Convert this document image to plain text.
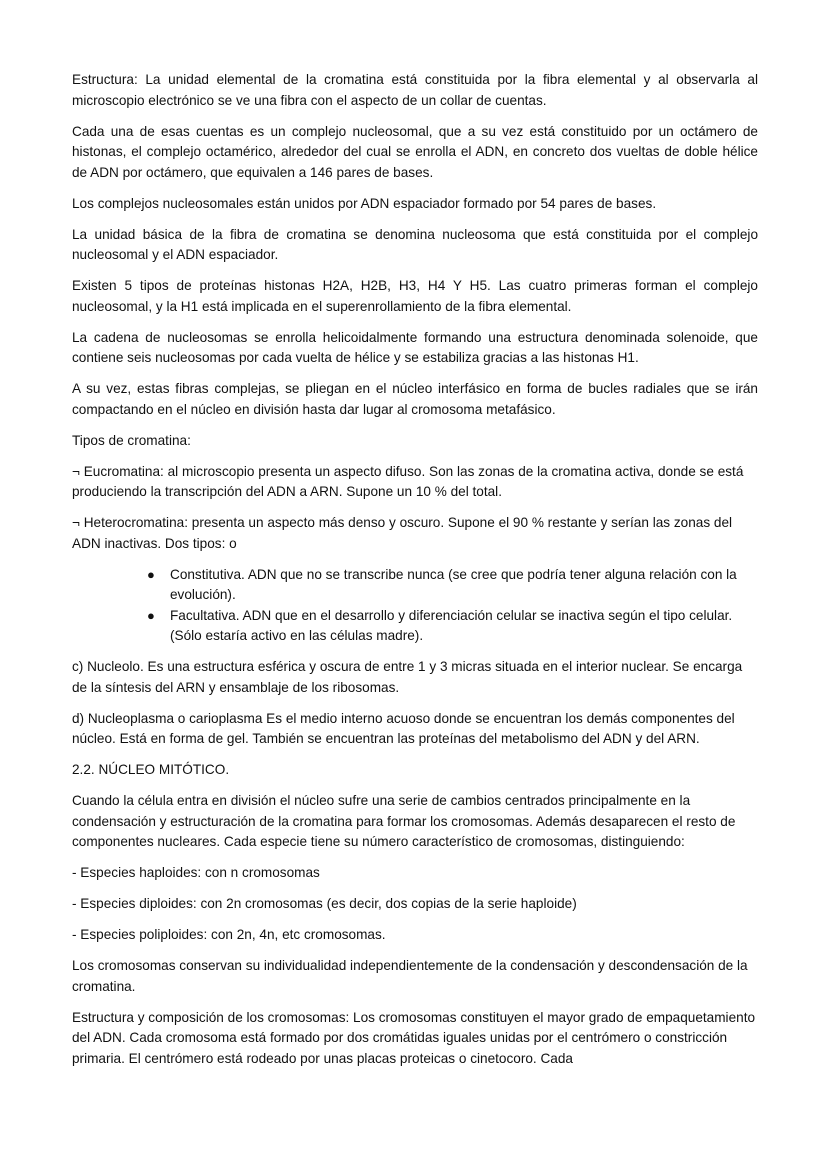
Estructura: La unidad elemental de la cromatina está constituida por la fibra elemental y al observarla al microscopio electrónico se ve una fibra con el aspecto de un collar de cuentas.

Cada una de esas cuentas es un complejo nucleosomal, que a su vez está constituido por un octámero de histonas, el complejo octamérico, alrededor del cual se enrolla el ADN, en concreto dos vueltas de doble hélice de ADN por octámero, que equivalen a 146 pares de bases.

Los complejos nucleosomales están unidos por ADN espaciador formado por 54 pares de bases.

La unidad básica de la fibra de cromatina se denomina nucleosoma que está constituida por el complejo nucleosomal y el ADN espaciador.

Existen 5 tipos de proteínas histonas H2A, H2B, H3, H4 Y H5. Las cuatro primeras forman el complejo nucleosomal, y la H1 está implicada en el superenrollamiento de la fibra elemental.

La cadena de nucleosomas se enrolla helicoidalmente formando una estructura denominada solenoide, que contiene seis nucleosomas por cada vuelta de hélice y se estabiliza gracias a las histonas H1.

A su vez, estas fibras complejas, se pliegan en el núcleo interfásico en forma de bucles radiales que se irán compactando en el núcleo en división hasta dar lugar al cromosoma metafásico.

Tipos de cromatina:

¬ Eucromatina: al microscopio presenta un aspecto difuso. Son las zonas de la cromatina activa, donde se está produciendo la transcripción del ADN a ARN. Supone un 10 % del total.

¬ Heterocromatina: presenta un aspecto más denso y oscuro. Supone el 90 % restante y serían las zonas del ADN inactivas. Dos tipos: o

● Constitutiva. ADN que no se transcribe nunca (se cree que podría tener alguna relación con la evolución).
● Facultativa. ADN que en el desarrollo y diferenciación celular se inactiva según el tipo celular. (Sólo estaría activo en las células madre).

c) Nucleolo. Es una estructura esférica y oscura de entre 1 y 3 micras situada en el interior nuclear. Se encarga de la síntesis del ARN y ensamblaje de los ribosomas.

d) Nucleoplasma o carioplasma Es el medio interno acuoso donde se encuentran los demás componentes del núcleo. Está en forma de gel. También se encuentran las proteínas del metabolismo del ADN y del ARN.

2.2. NÚCLEO MITÓTICO.

Cuando la célula entra en división el núcleo sufre una serie de cambios centrados principalmente en la condensación y estructuración de la cromatina para formar los cromosomas. Además desaparecen el resto de componentes nucleares. Cada especie tiene su número característico de cromosomas, distinguiendo:

- Especies haploides: con n cromosomas

- Especies diploides: con 2n cromosomas (es decir, dos copias de la serie haploide)

- Especies poliploides: con 2n, 4n, etc cromosomas.

Los cromosomas conservan su individualidad independientemente de la condensación y descondensación de la cromatina.

Estructura y composición de los cromosomas: Los cromosomas constituyen el mayor grado de empaquetamiento del ADN. Cada cromosoma está formado por dos cromátidas iguales unidas por el centrómero o constricción primaria. El centrómero está rodeado por unas placas proteicas o cinetocoro. Cada
